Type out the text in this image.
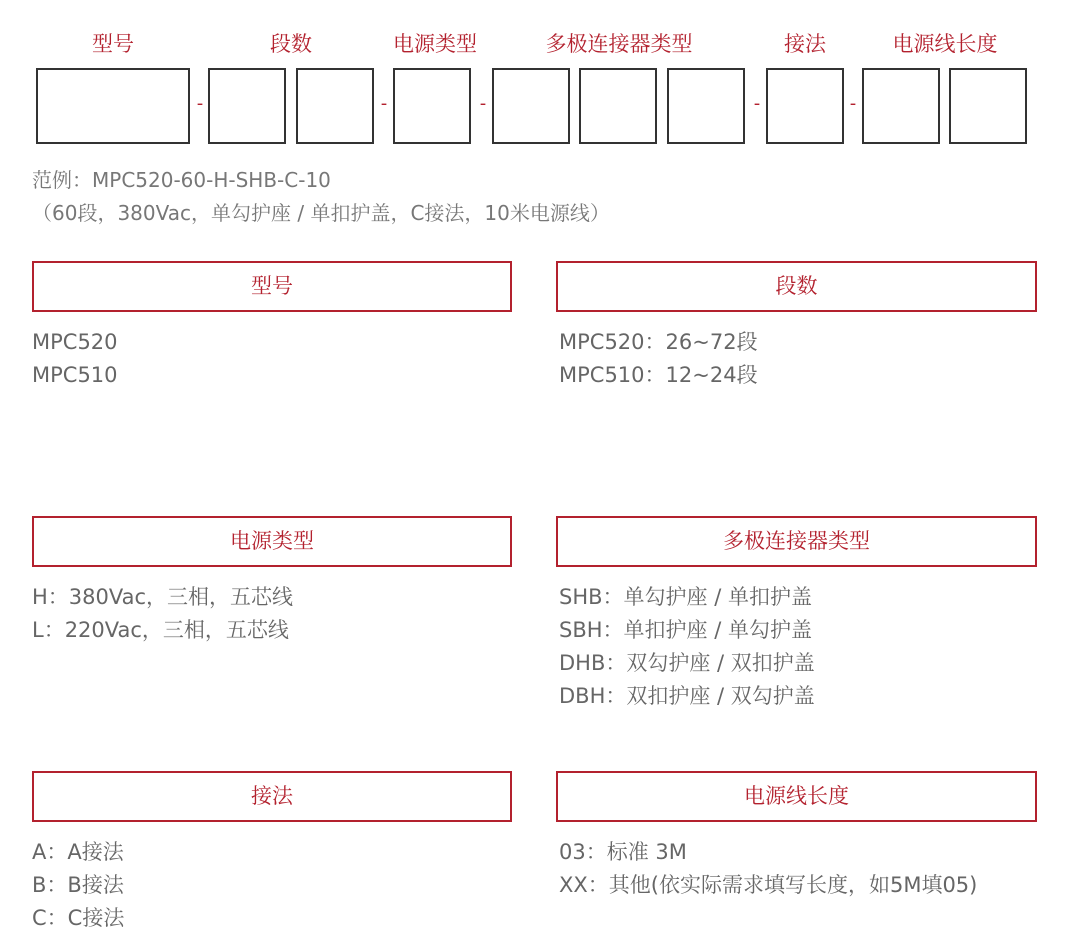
型号	段数	电源类型	多极连接器类型	接法	电源线长度
-	-	-	-	-
范例：MPC520-60-H-SHB-C-10
（60段，380Vac，单勾护座 / 单扣护盖，C接法，10米电源线）
型号
MPC520
MPC510
段数
MPC520：26~72段
MPC510：12~24段
电源类型
H：380Vac，三相，五芯线
L：220Vac，三相，五芯线
多极连接器类型
SHB：单勾护座 / 单扣护盖
SBH：单扣护座 / 单勾护盖
DHB：双勾护座 / 双扣护盖
DBH：双扣护座 / 双勾护盖
接法
A：A接法
B：B接法
C：C接法
电源线长度
03：标准 3M
XX：其他(依实际需求填写长度，如5M填05)
